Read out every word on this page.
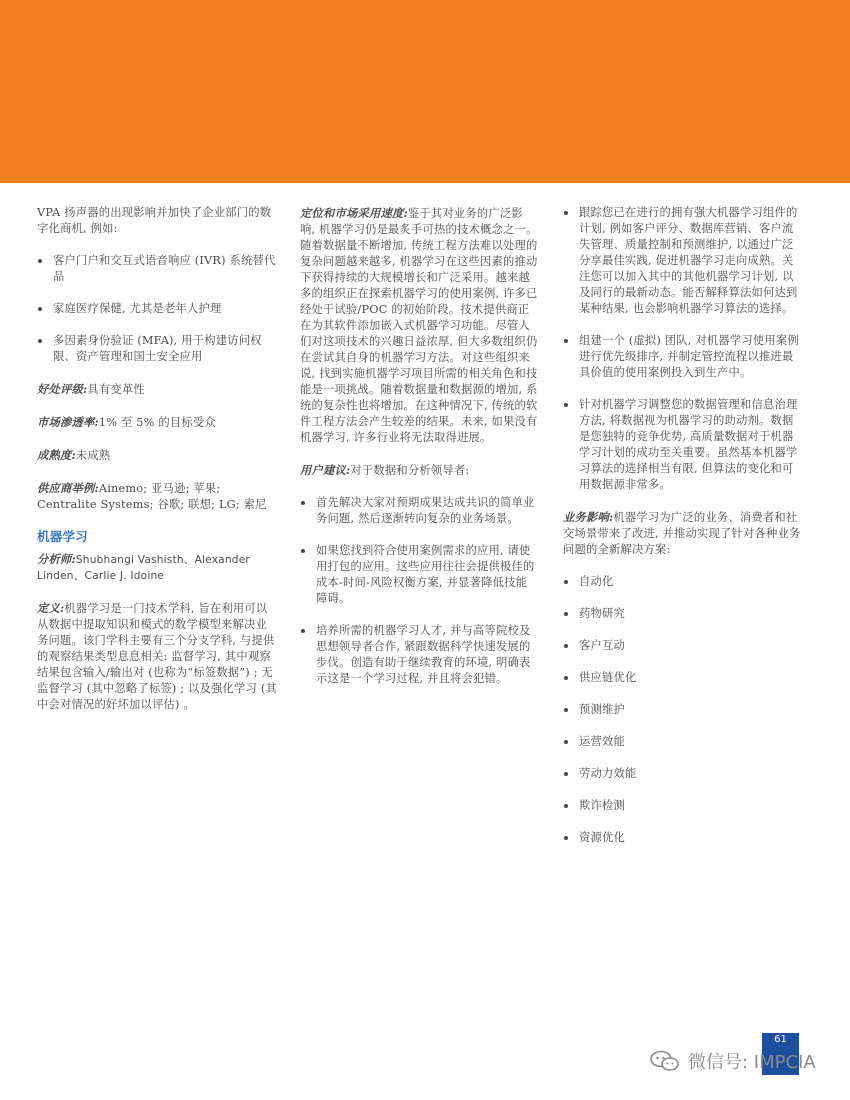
VPA 扬声器的出现影响并加快了企业部门的数字化商机, 例如:

客户门户和交互式语音响应 (IVR) 系统替代品
家庭医疗保健, 尤其是老年人护理
多因素身份验证 (MFA), 用于构建访问权限、资产管理和国土安全应用

好处评级:具有变革性

市场渗透率:1% 至 5% 的目标受众

成熟度:未成熟

供应商举例:Ainemo; 亚马逊; 苹果; Centralite Systems; 谷歌; 联想; LG; 索尼

机器学习

分析师:Shubhangi Vashisth、Alexander Linden、Carlie J. Idoine

定义:机器学习是一门技术学科, 旨在利用可以从数据中提取知识和模式的数学模型来解决业务问题。该门学科主要有三个分支学科, 与提供的观察结果类型息息相关: 监督学习, 其中观察结果包含输入/输出对 (也称为“标签数据”) ; 无监督学习 (其中忽略了标签) ; 以及强化学习 (其中会对情况的好坏加以评估) 。

定位和市场采用速度:鉴于其对业务的广泛影响, 机器学习仍是最炙手可热的技术概念之一。随着数据量不断增加, 传统工程方法难以处理的复杂问题越来越多, 机器学习在这些因素的推动下获得持续的大规模增长和广泛采用。越来越多的组织正在探索机器学习的使用案例, 许多已经处于试验/POC 的初始阶段。技术提供商正在为其软件添加嵌入式机器学习功能。尽管人们对这项技术的兴趣日益浓厚, 但大多数组织仍在尝试其自身的机器学习方法。对这些组织来说, 找到实施机器学习项目所需的相关角色和技能是一项挑战。随着数据量和数据源的增加, 系统的复杂性也将增加。在这种情况下, 传统的软件工程方法会产生较差的结果。未来, 如果没有机器学习, 许多行业将无法取得进展。

用户建议:对于数据和分析领导者:

首先解决大家对预期成果达成共识的简单业务问题, 然后逐渐转向复杂的业务场景。
如果您找到符合使用案例需求的应用, 请使用打包的应用。这些应用往往会提供极佳的成本-时间-风险权衡方案, 并显著降低技能障碍。
培养所需的机器学习人才, 并与高等院校及思想领导者合作, 紧跟数据科学快速发展的步伐。创造有助于继续教育的环境, 明确表示这是一个学习过程, 并且将会犯错。
跟踪您已在进行的拥有强大机器学习组件的计划, 例如客户评分、数据库营销、客户流失管理、质量控制和预测维护, 以通过广泛分享最佳实践, 促进机器学习走向成熟。关注您可以加入其中的其他机器学习计划, 以及同行的最新动态。能否解释算法如何达到某种结果, 也会影响机器学习算法的选择。
组建一个 (虚拟) 团队, 对机器学习使用案例进行优先级排序, 并制定管控流程以推进最具价值的使用案例投入到生产中。
针对机器学习调整您的数据管理和信息治理方法, 将数据视为机器学习的助动剂。数据是您独特的竞争优势, 高质量数据对于机器学习计划的成功至关重要。虽然基本机器学习算法的选择相当有限, 但算法的变化和可用数据源非常多。

业务影响:机器学习为广泛的业务、消费者和社交场景带来了改进, 并推动实现了针对各种业务问题的全新解决方案:

自动化
药物研究
客户互动
供应链优化
预测维护
运营效能
劳动力效能
欺诈检测
资源优化
61
微信号: IMPCIA
